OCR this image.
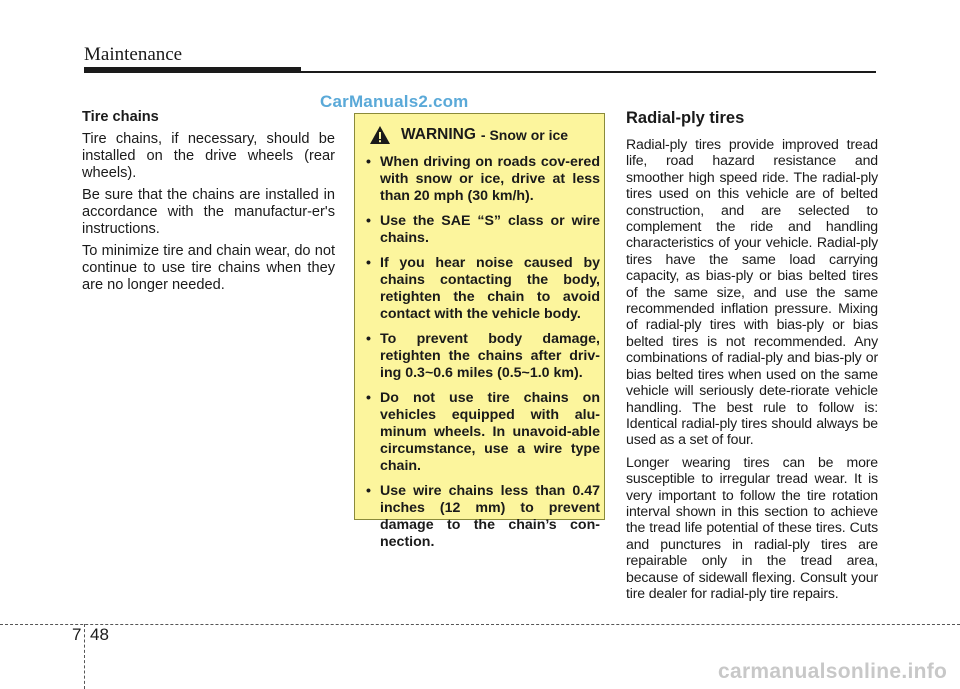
Maintenance
CarManuals2.com

Tire chains

Tire chains, if necessary, should be installed on the drive wheels (rear wheels).

Be sure that the chains are installed in accordance with the manufactur-er's instructions.

To minimize tire and chain wear, do not continue to use tire chains when they are no longer needed.

WARNING - Snow or ice
• When driving on roads cov-ered with snow or ice, drive at less than 20 mph (30 km/h).
• Use the SAE “S” class or wire chains.
• If you hear noise caused by chains contacting the body, retighten the chain to avoid contact with the vehicle body.
• To prevent body damage, retighten the chains after driv-ing 0.3~0.6 miles (0.5~1.0 km).
• Do not use tire chains on vehicles equipped with alu-minum wheels. In unavoid-able circumstance, use a wire type chain.
• Use wire chains less than 0.47 inches (12 mm) to prevent damage to the chain’s con-nection.
Radial-ply tires

Radial-ply tires provide improved tread life, road hazard resistance and smoother high speed ride. The radial-ply tires used on this vehicle are of belted construction, and are selected to complement the ride and handling characteristics of your vehicle. Radial-ply tires have the same load carrying capacity, as bias-ply or bias belted tires of the same size, and use the same recommended inflation pressure. Mixing of radial-ply tires with bias-ply or bias belted tires is not recommended. Any combinations of radial-ply and bias-ply or bias belted tires when used on the same vehicle will seriously dete-riorate vehicle handling. The best rule to follow is: Identical radial-ply tires should always be used as a set of four.

Longer wearing tires can be more susceptible to irregular tread wear. It is very important to follow the tire rotation interval shown in this section to achieve the tread life potential of these tires. Cuts and punctures in radial-ply tires are repairable only in the tread area, because of sidewall flexing. Consult your tire dealer for radial-ply tire repairs.

7 48
carmanualsonline.info
